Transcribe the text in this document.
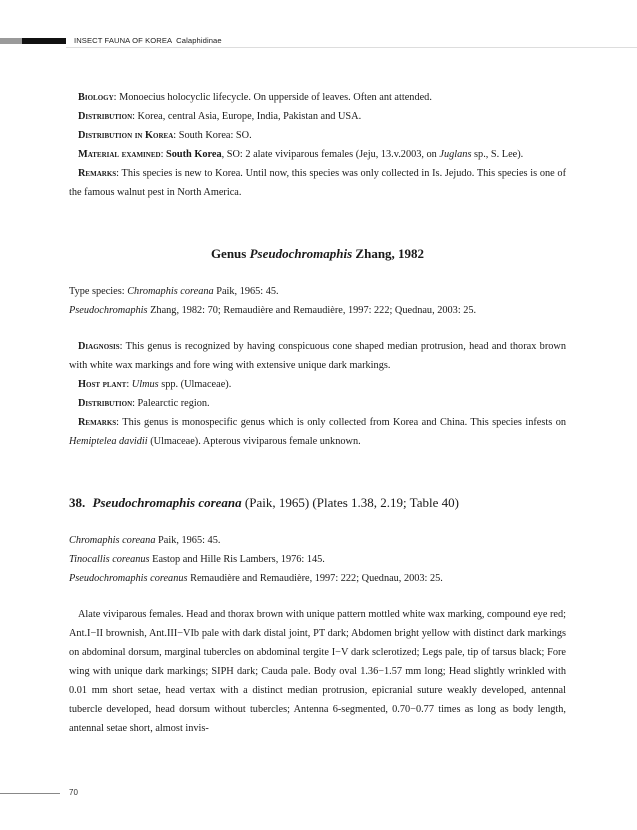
INSECT FAUNA OF KOREA Calaphidinae

Biology: Monoecius holocyclic lifecycle. On upperside of leaves. Often ant attended.

Distribution: Korea, central Asia, Europe, India, Pakistan and USA.

Distribution in Korea: South Korea: SO.

Material examined: South Korea, SO: 2 alate viviparous females (Jeju, 13.v.2003, on Juglans sp., S. Lee).

Remarks: This species is new to Korea. Until now, this species was only collected in Is. Jejudo. This species is one of the famous walnut pest in North America.

Genus Pseudochromaphis Zhang, 1982

Type species: Chromaphis coreana Paik, 1965: 45.

Pseudochromaphis Zhang, 1982: 70; Remaudière and Remaudière, 1997: 222; Quednau, 2003: 25.

Diagnosis: This genus is recognized by having conspicuous cone shaped median protrusion, head and thorax brown with white wax markings and fore wing with extensive unique dark markings.

Host plant: Ulmus spp. (Ulmaceae).

Distribution: Palearctic region.

Remarks: This genus is monospecific genus which is only collected from Korea and China. This species infests on Hemiptelea davidii (Ulmaceae). Apterous viviparous female unknown.

38. Pseudochromaphis coreana (Paik, 1965) (Plates 1.38, 2.19; Table 40)

Chromaphis coreana Paik, 1965: 45.

Tinocallis coreanus Eastop and Hille Ris Lambers, 1976: 145.

Pseudochromaphis coreanus Remaudière and Remaudière, 1997: 222; Quednau, 2003: 25.

Alate viviparous females. Head and thorax brown with unique pattern mottled white wax marking, compound eye red; Ant.I−II brownish, Ant.III−VIb pale with dark distal joint, PT dark; Abdomen bright yellow with distinct dark markings on abdominal dorsum, marginal tubercles on abdominal tergite I−V dark sclerotized; Legs pale, tip of tarsus black; Fore wing with unique dark markings; SIPH dark; Cauda pale. Body oval 1.36−1.57 mm long; Head slightly wrinkled with 0.01 mm short setae, head vertax with a distinct median protrusion, epicranial suture weakly developed, antennal tubercle developed, head dorsum without tubercles; Antenna 6-segmented, 0.70−0.77 times as long as body length, antennal setae short, almost invis-

70
